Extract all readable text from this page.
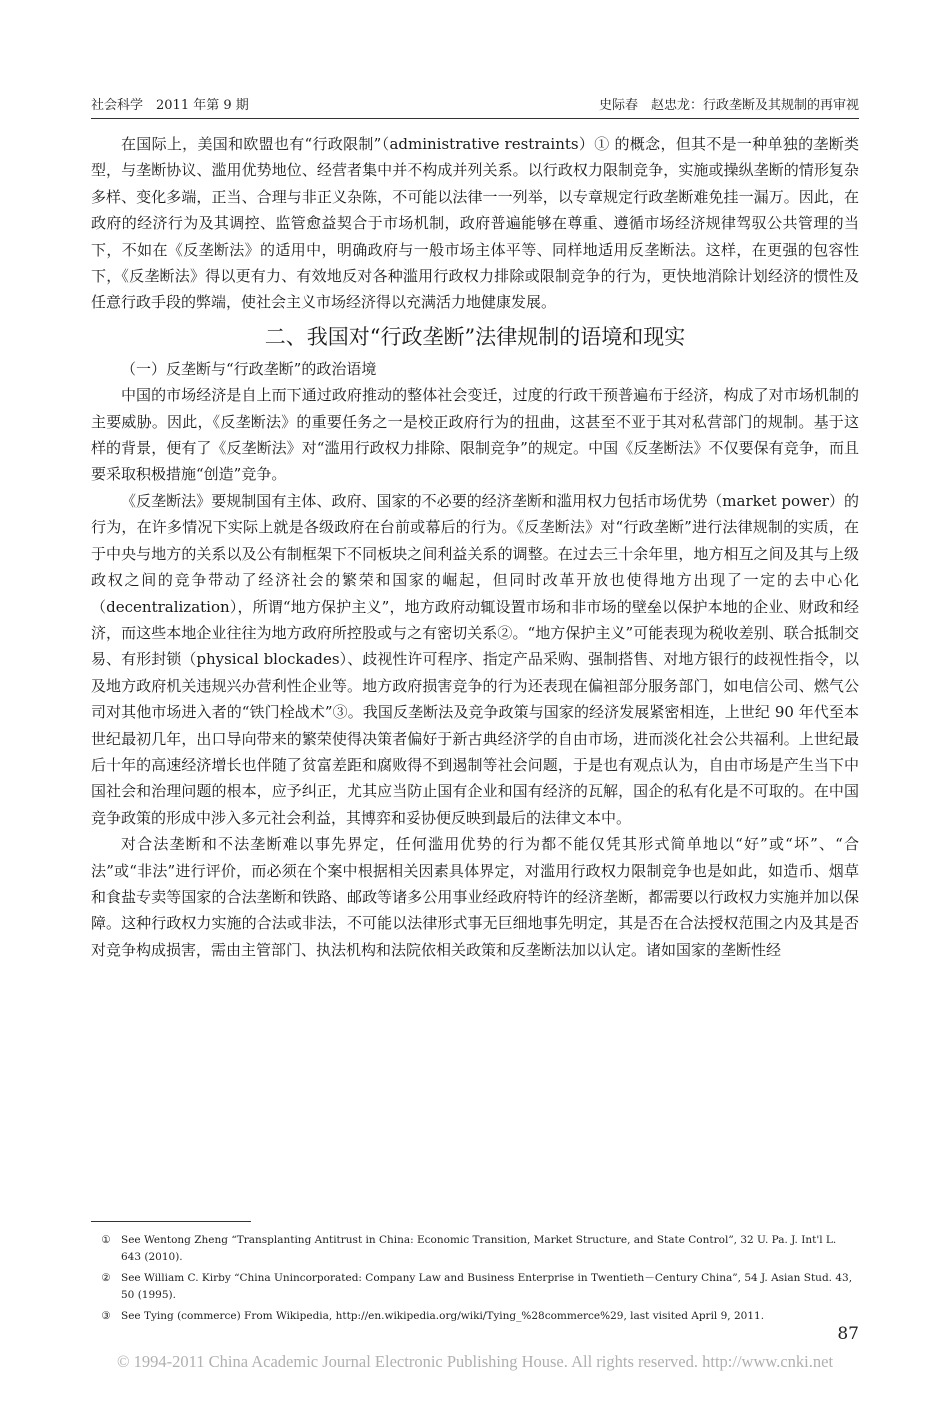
社会科学　2011 年第 9 期	史际春　赵忠龙：行政垄断及其规制的再审视

在国际上，美国和欧盟也有“行政限制”（administrative restraints）① 的概念，但其不是一种单独的垄断类型，与垄断协议、滥用优势地位、经营者集中并不构成并列关系。以行政权力限制竞争，实施或操纵垄断的情形复杂多样、变化多端，正当、合理与非正义杂陈，不可能以法律一一列举，以专章规定行政垄断难免挂一漏万。因此，在政府的经济行为及其调控、监管愈益契合于市场机制，政府普遍能够在尊重、遵循市场经济规律驾驭公共管理的当下，不如在《反垄断法》的适用中，明确政府与一般市场主体平等、同样地适用反垄断法。这样，在更强的包容性下，《反垄断法》得以更有力、有效地反对各种滥用行政权力排除或限制竞争的行为，更快地消除计划经济的惯性及任意行政手段的弊端，使社会主义市场经济得以充满活力地健康发展。

二、我国对“行政垄断”法律规制的语境和现实

（一）反垄断与“行政垄断”的政治语境

中国的市场经济是自上而下通过政府推动的整体社会变迁，过度的行政干预普遍布于经济，构成了对市场机制的主要威胁。因此，《反垄断法》的重要任务之一是校正政府行为的扭曲，这甚至不亚于其对私营部门的规制。基于这样的背景，便有了《反垄断法》对“滥用行政权力排除、限制竞争”的规定。中国《反垄断法》不仅要保有竞争，而且要采取积极措施“创造”竞争。

《反垄断法》要规制国有主体、政府、国家的不必要的经济垄断和滥用权力包括市场优势（market power）的行为，在许多情况下实际上就是各级政府在台前或幕后的行为。《反垄断法》对“行政垄断”进行法律规制的实质，在于中央与地方的关系以及公有制框架下不同板块之间利益关系的调整。在过去三十余年里，地方相互之间及其与上级政权之间的竞争带动了经济社会的繁荣和国家的崛起，但同时改革开放也使得地方出现了一定的去中心化（decentralization），所谓“地方保护主义”，地方政府动辄设置市场和非市场的壁垒以保护本地的企业、财政和经济，而这些本地企业往往为地方政府所控股或与之有密切关系②。“地方保护主义”可能表现为税收差别、联合抵制交易、有形封锁（physical blockades）、歧视性许可程序、指定产品采购、强制搭售、对地方银行的歧视性指令，以及地方政府机关违规兴办营利性企业等。地方政府损害竞争的行为还表现在偏袒部分服务部门，如电信公司、燃气公司对其他市场进入者的“铁门栓战术”③。我国反垄断法及竞争政策与国家的经济发展紧密相连，上世纪 90 年代至本世纪最初几年，出口导向带来的繁荣使得决策者偏好于新古典经济学的自由市场，进而淡化社会公共福利。上世纪最后十年的高速经济增长也伴随了贫富差距和腐败得不到遏制等社会问题，于是也有观点认为，自由市场是产生当下中国社会和治理问题的根本，应予纠正，尤其应当防止国有企业和国有经济的瓦解，国企的私有化是不可取的。在中国竞争政策的形成中涉入多元社会利益，其博弈和妥协便反映到最后的法律文本中。

对合法垄断和不法垄断难以事先界定，任何滥用优势的行为都不能仅凭其形式简单地以“好”或“坏”、“合法”或“非法”进行评价，而必须在个案中根据相关因素具体界定，对滥用行政权力限制竞争也是如此，如造币、烟草和食盐专卖等国家的合法垄断和铁路、邮政等诸多公用事业经政府特许的经济垄断，都需要以行政权力实施并加以保障。这种行政权力实施的合法或非法，不可能以法律形式事无巨细地事先明定，其是否在合法授权范围之内及其是否对竞争构成损害，需由主管部门、执法机构和法院依相关政策和反垄断法加以认定。诸如国家的垄断性经

① See Wentong Zheng “Transplanting Antitrust in China: Economic Transition, Market Structure, and State Control”, 32 U. Pa. J. Int'l L. 643 (2010).
② See William C. Kirby “China Unincorporated: Company Law and Business Enterprise in Twentieth－Century China”, 54 J. Asian Stud. 43, 50 (1995).
③ See Tying (commerce) From Wikipedia, http://en.wikipedia.org/wiki/Tying_%28commerce%29, last visited April 9, 2011.
87
© 1994-2011 China Academic Journal Electronic Publishing House. All rights reserved. http://www.cnki.net
